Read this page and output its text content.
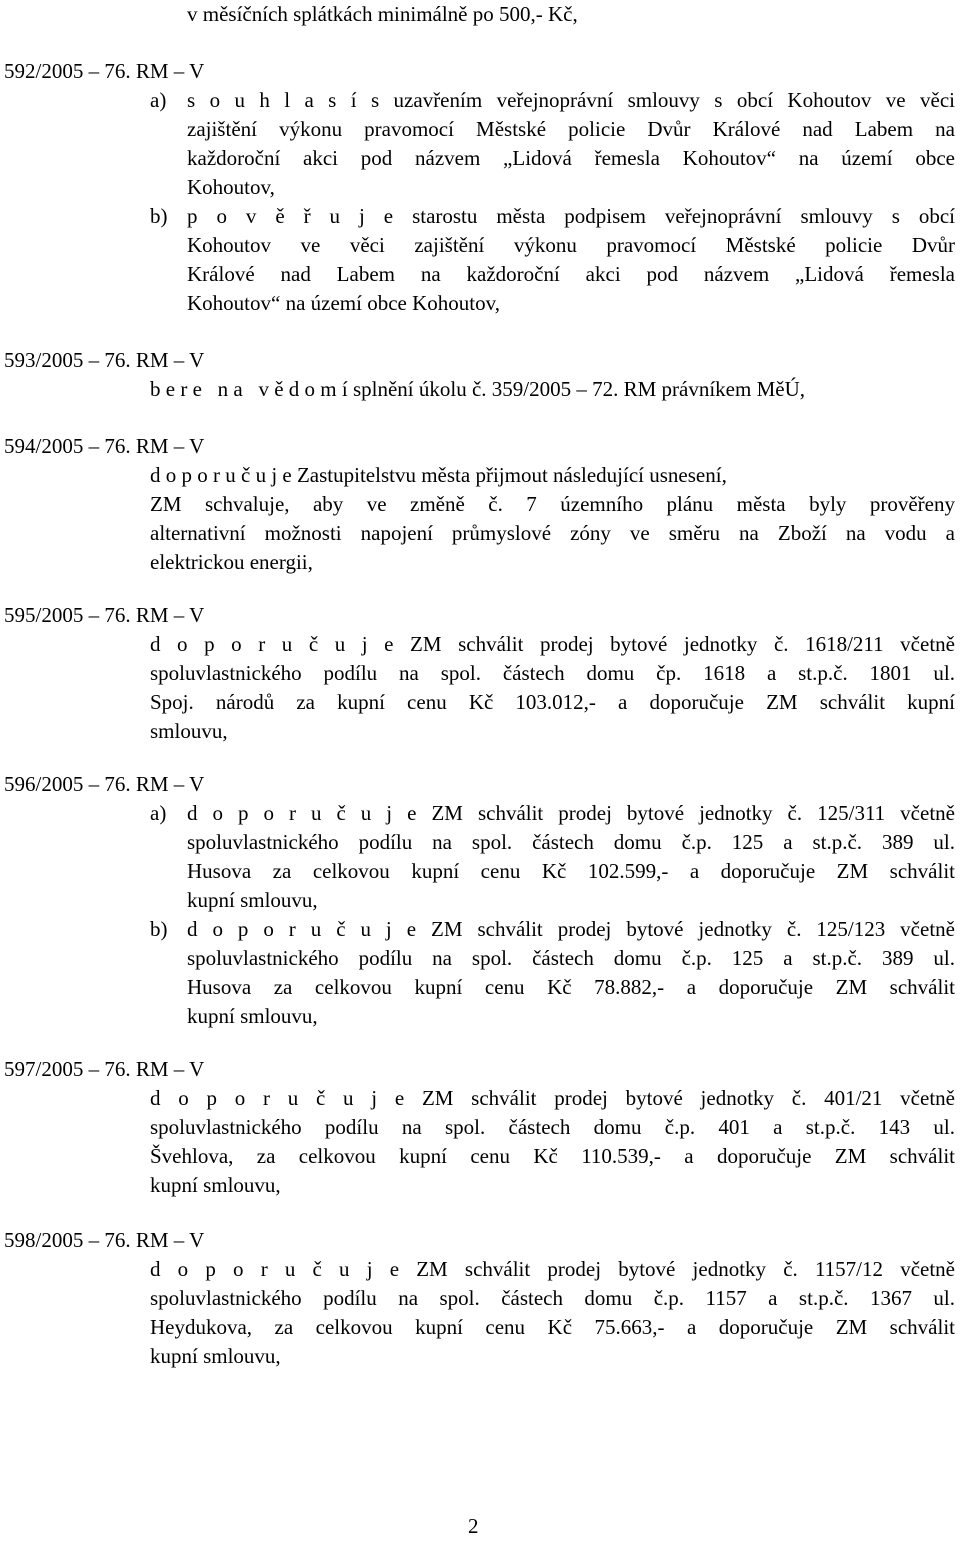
v měsíčních splátkách minimálně po 500,- Kč,
592/2005 – 76. RM – V
a) s o u h l a s í s uzavřením veřejnoprávní smlouvy s obcí Kohoutov ve věci
zajištění výkonu pravomocí Městské policie Dvůr Králové nad Labem na
každoroční akci pod názvem „Lidová řemesla Kohoutov“ na území obce
Kohoutov,
b) p o v ě ř u j e starostu města podpisem veřejnoprávní smlouvy s obcí
Kohoutov ve věci zajištění výkonu pravomocí Městské policie Dvůr
Králové nad Labem na každoroční akci pod názvem „Lidová řemesla
Kohoutov“ na území obce Kohoutov,
593/2005 – 76. RM – V
b e r e   n a   v ě d o m í splnění úkolu č. 359/2005 – 72. RM právníkem MěÚ,
594/2005 – 76. RM – V
d o p o r u č u j e Zastupitelstvu města přijmout následující usnesení,
ZM schvaluje, aby ve změně č. 7 územního plánu města byly prověřeny
alternativní možnosti napojení průmyslové zóny ve směru na Zboží na vodu a
elektrickou energii,
595/2005 – 76. RM – V
d o p o r u č u j e ZM schválit prodej bytové jednotky č. 1618/211 včetně
spoluvlastnického podílu na spol. částech domu čp. 1618 a st.p.č. 1801 ul.
Spoj. národů za kupní cenu Kč 103.012,- a doporučuje ZM schválit kupní
smlouvu,
596/2005 – 76. RM – V
a) d o p o r u č u j e ZM schválit prodej bytové jednotky č. 125/311 včetně
spoluvlastnického podílu na spol. částech domu č.p. 125 a st.p.č. 389 ul.
Husova za celkovou kupní cenu Kč 102.599,- a doporučuje ZM schválit
kupní smlouvu,
b) d o p o r u č u j e ZM schválit prodej bytové jednotky č. 125/123 včetně
spoluvlastnického podílu na spol. částech domu č.p. 125 a st.p.č. 389 ul.
Husova za celkovou kupní cenu Kč 78.882,- a doporučuje ZM schválit
kupní smlouvu,
597/2005 – 76. RM – V
d o p o r u č u j e ZM schválit prodej bytové jednotky č. 401/21 včetně
spoluvlastnického podílu na spol. částech domu č.p. 401 a st.p.č. 143 ul.
Švehlova, za celkovou kupní cenu Kč 110.539,- a doporučuje ZM schválit
kupní smlouvu,
598/2005 – 76. RM – V
d o p o r u č u j e ZM schválit prodej bytové jednotky č. 1157/12 včetně
spoluvlastnického podílu na spol. částech domu č.p. 1157 a st.p.č. 1367 ul.
Heydukova, za celkovou kupní cenu Kč 75.663,- a doporučuje ZM schválit
kupní smlouvu,
2
